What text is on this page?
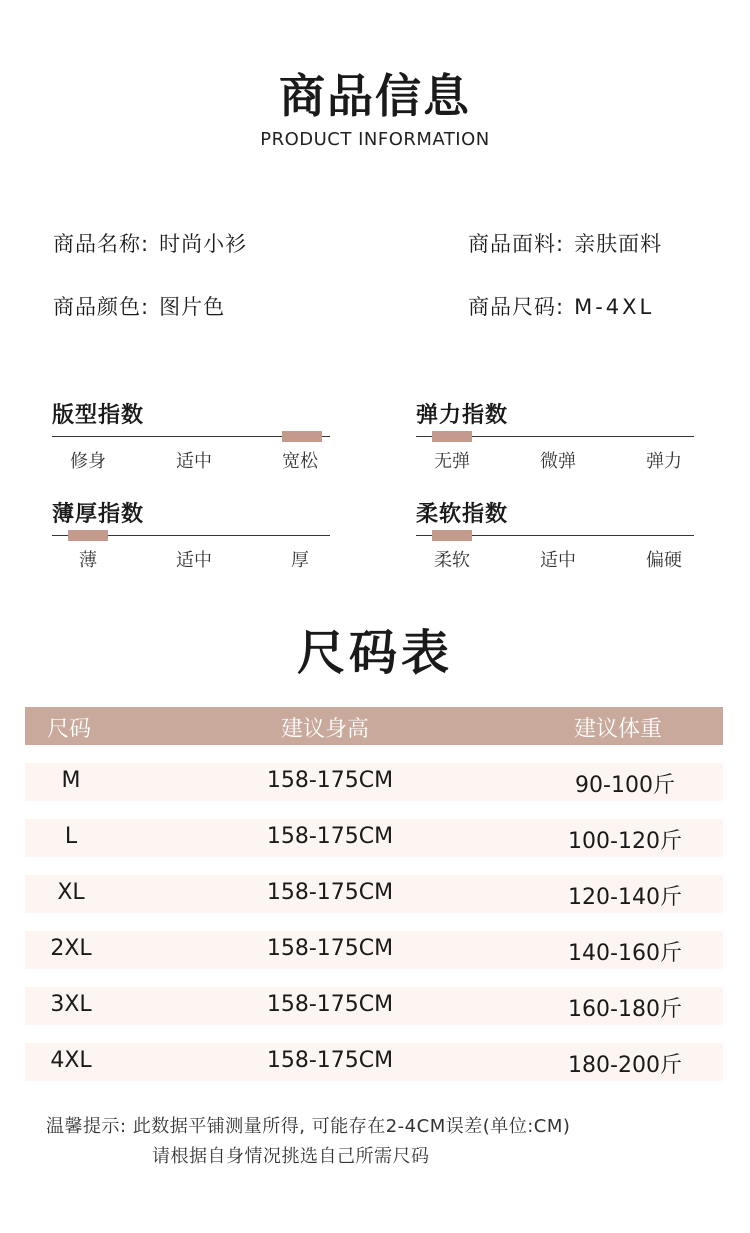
商品信息
PRODUCT INFORMATION
商品名称: 时尚小衫	商品面料: 亲肤面料
商品颜色: 图片色	商品尺码: M-4XL
版型指数
修身	适中	宽松
弹力指数
无弹	微弹	弹力
薄厚指数
薄	适中	厚
柔软指数
柔软	适中	偏硬
尺码表
尺码	建议身高	建议体重
M	158-175CM	90-100斤
L	158-175CM	100-120斤
XL	158-175CM	120-140斤
2XL	158-175CM	140-160斤
3XL	158-175CM	160-180斤
4XL	158-175CM	180-200斤
温馨提示: 此数据平铺测量所得, 可能存在2-4CM误差(单位:CM)
请根据自身情况挑选自己所需尺码
